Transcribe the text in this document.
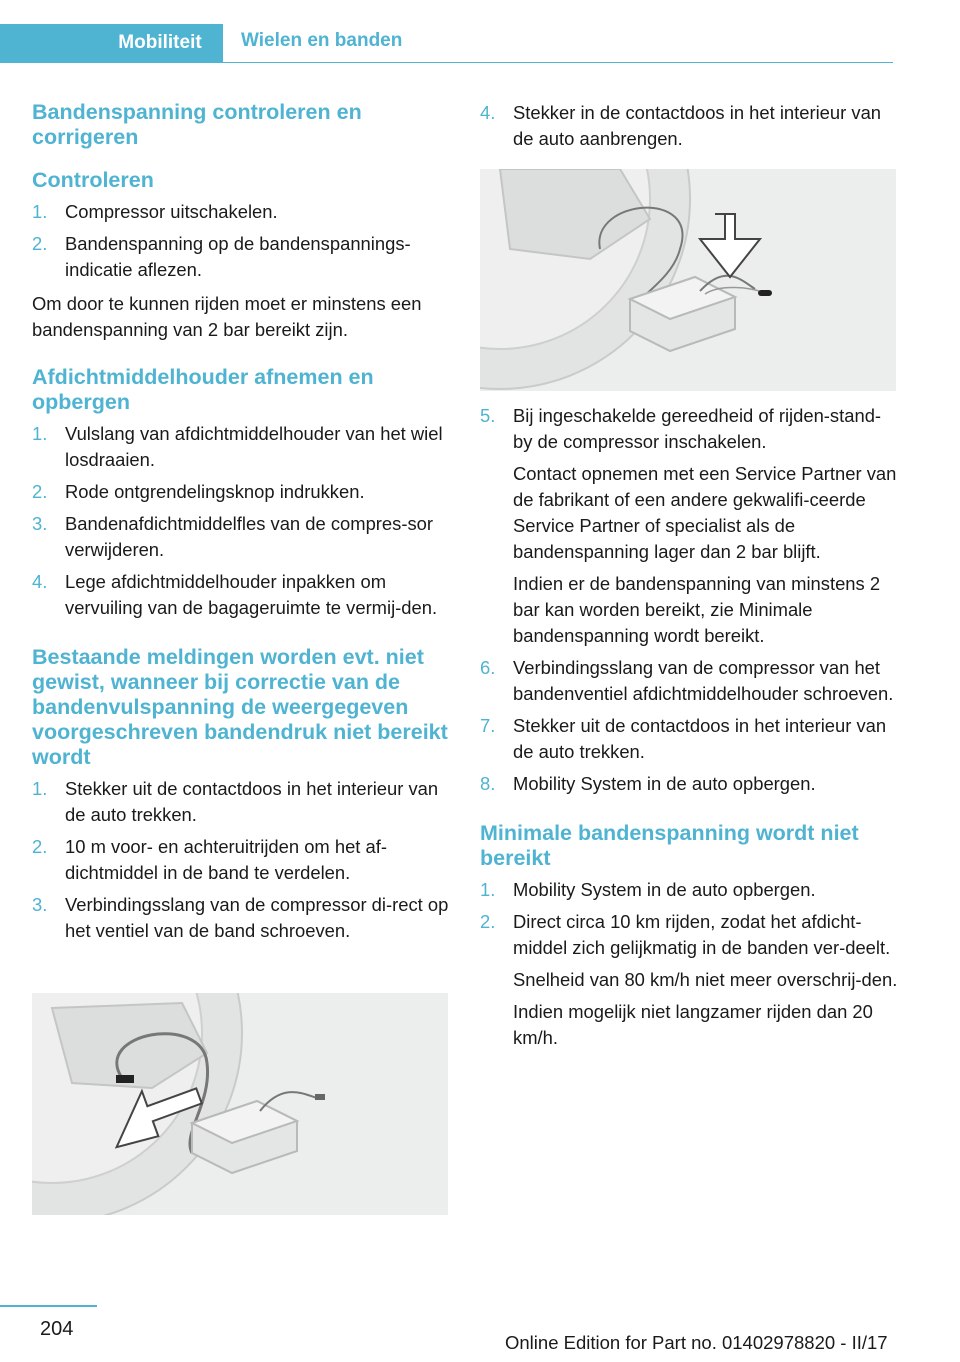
Mobiliteit	Wielen en banden
Bandenspanning controleren en corrigeren
Controleren
1. Compressor uitschakelen.
2. Bandenspanning op de bandenspannings-indicatie aflezen.

Om door te kunnen rijden moet er minstens een bandenspanning van 2 bar bereikt zijn.

Afdichtmiddelhouder afnemen en opbergen
1. Vulslang van afdichtmiddelhouder van het wiel losdraaien.
2. Rode ontgrendelingsknop indrukken.
3. Bandenafdichtmiddelfles van de compres-sor verwijderen.
4. Lege afdichtmiddelhouder inpakken om vervuiling van de bagageruimte te vermij-den.
Bestaande meldingen worden evt. niet gewist, wanneer bij correctie van de bandenvulspanning de weergegeven voorgeschreven bandendruk niet bereikt wordt
1. Stekker uit de contactdoos in het interieur van de auto trekken.
2. 10 m voor- en achteruitrijden om het af-dichtmiddel in de band te verdelen.
3. Verbindingsslang van de compressor di-rect op het ventiel van de band schroeven.
4. Stekker in de contactdoos in het interieur van de auto aanbrengen.
5. Bij ingeschakelde gereedheid of rijden-stand-by de compressor inschakelen.
Contact opnemen met een Service Partner van de fabrikant of een andere gekwalifi-ceerde Service Partner of specialist als de bandenspanning lager dan 2 bar blijft.
Indien er de bandenspanning van minstens 2 bar kan worden bereikt, zie Minimale bandenspanning wordt bereikt.
6. Verbindingsslang van de compressor van het bandenventiel afdichtmiddelhouder schroeven.
7. Stekker uit de contactdoos in het interieur van de auto trekken.
8. Mobility System in de auto opbergen.
Minimale bandenspanning wordt niet bereikt
1. Mobility System in de auto opbergen.
2. Direct circa 10 km rijden, zodat het afdicht-middel zich gelijkmatig in de banden ver-deelt.
Snelheid van 80 km/h niet meer overschrij-den.
Indien mogelijk niet langzamer rijden dan 20 km/h.
204
Online Edition for Part no. 01402978820 - II/17
